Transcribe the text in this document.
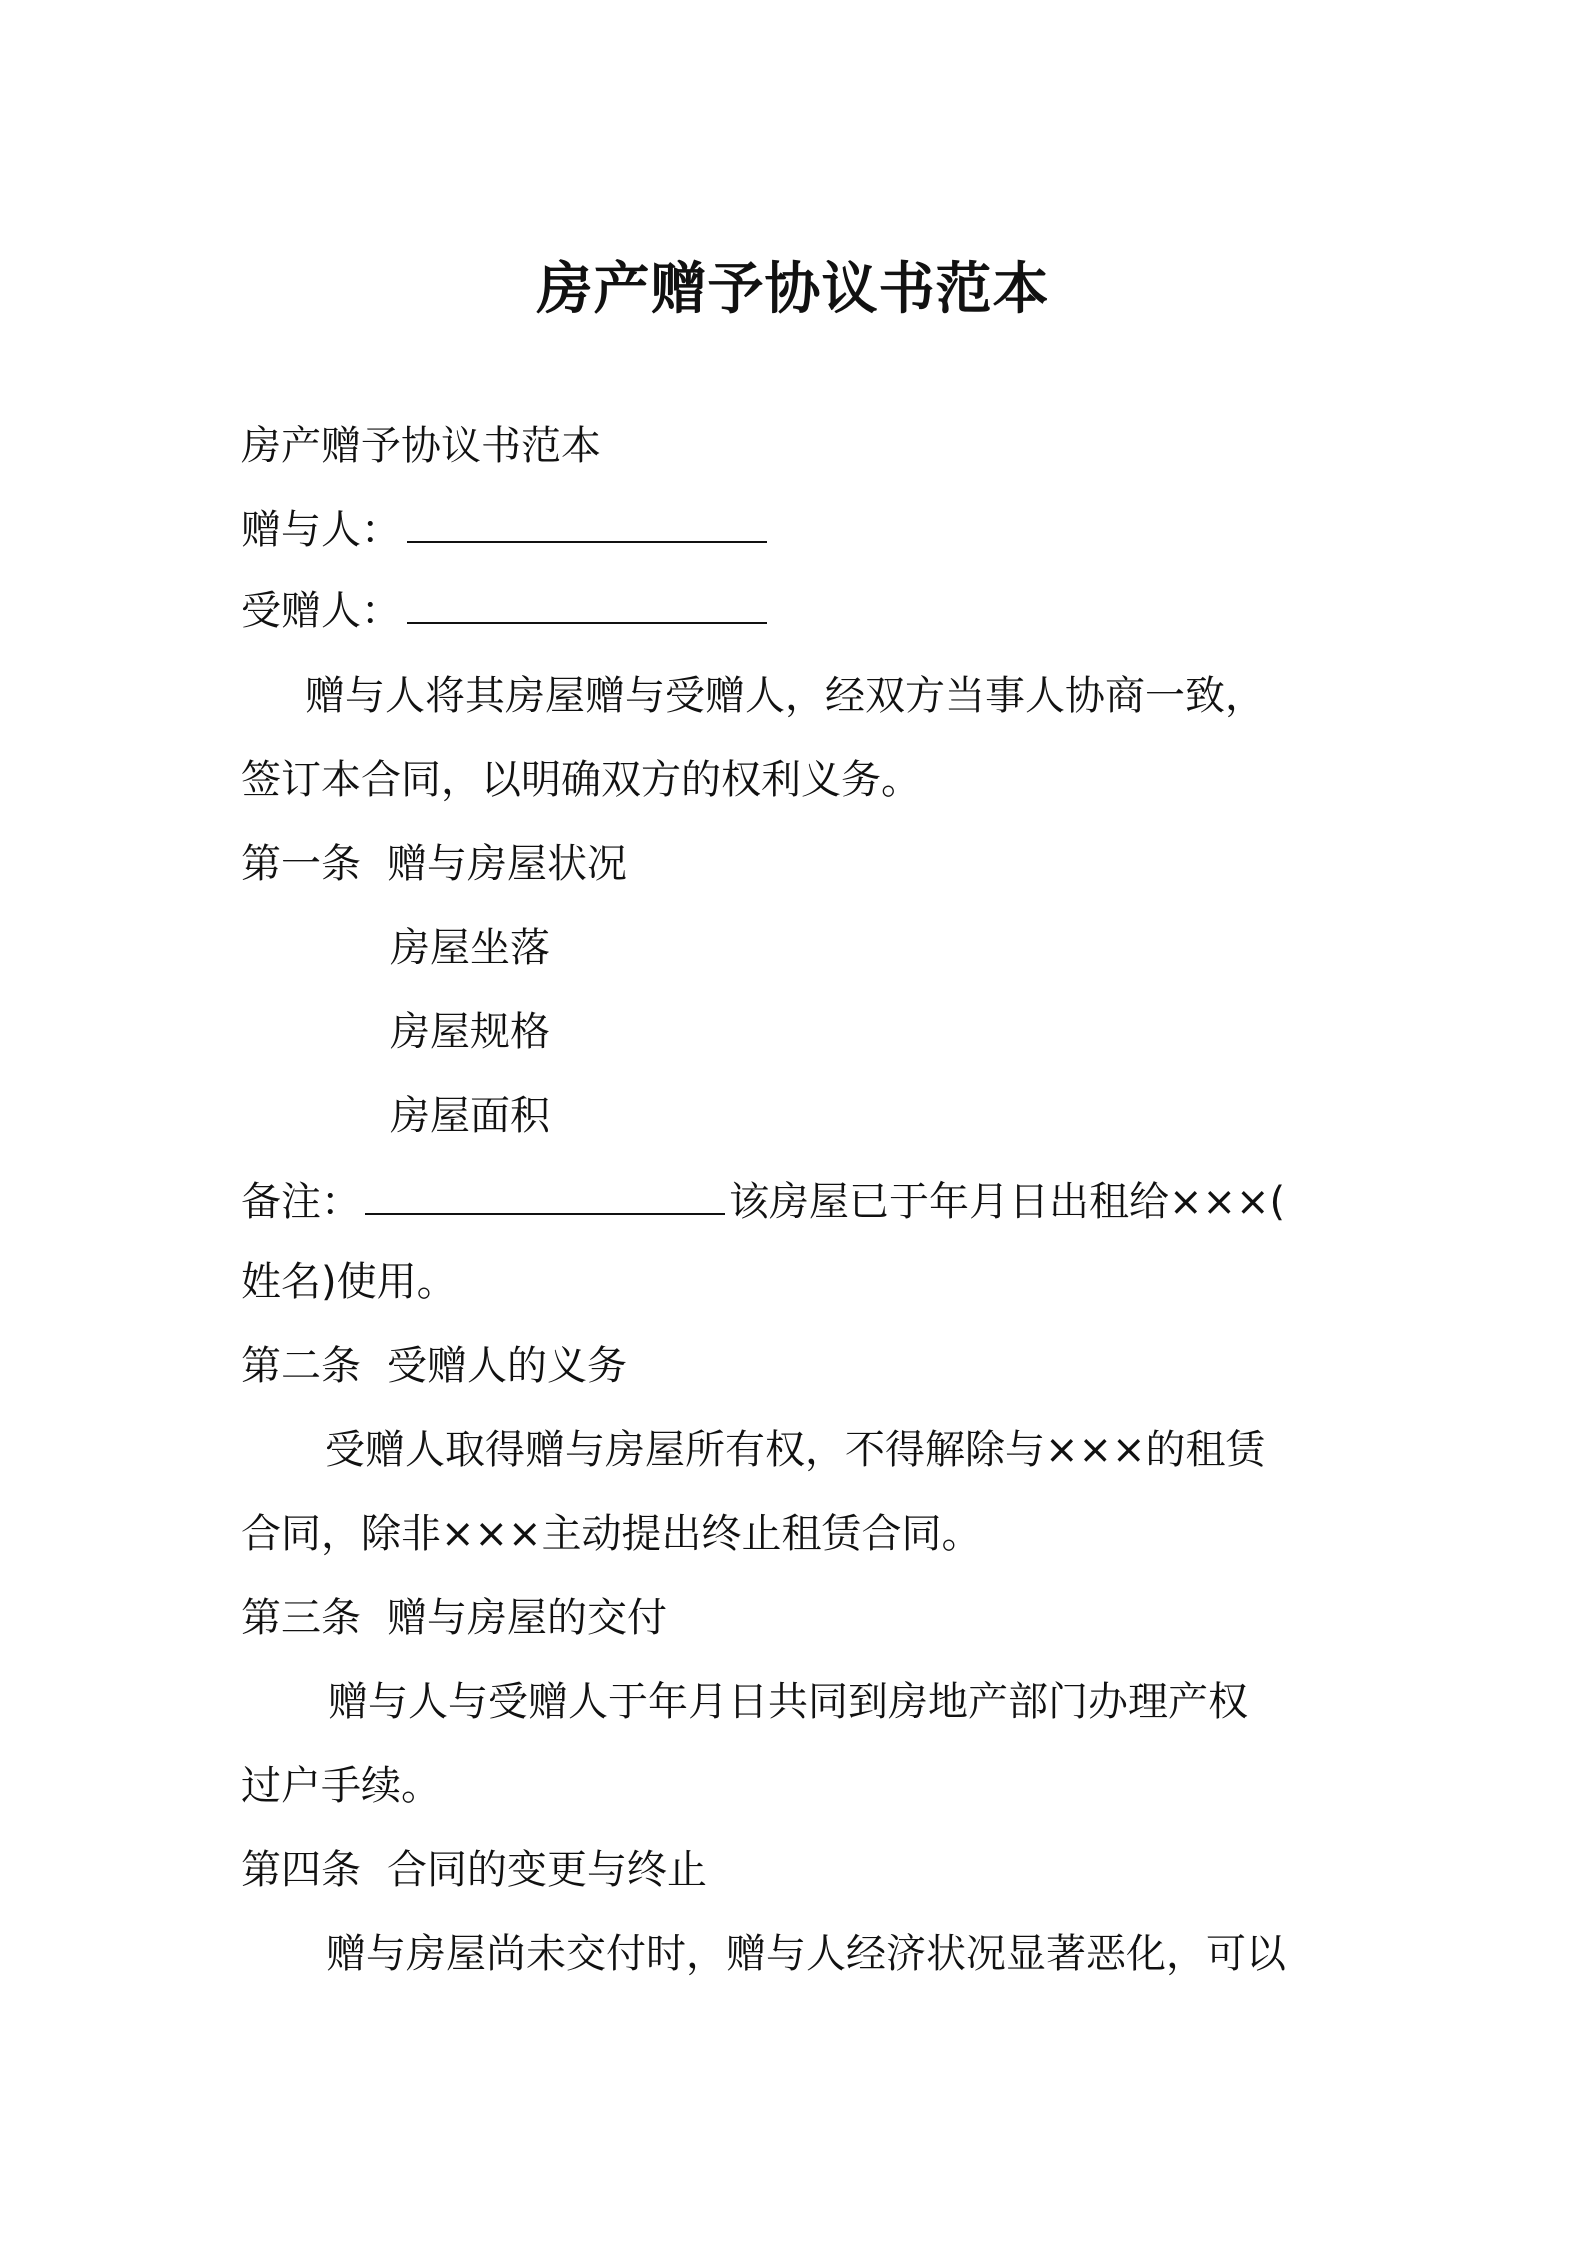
房产赠予协议书范本
房产赠予协议书范本
赠与人：
受赠人：
赠与人将其房屋赠与受赠人，经双方当事人协商一致，
签订本合同，以明确双方的权利义务。
第一条 赠与房屋状况
房屋坐落
房屋规格
房屋面积
备注：	该房屋已于年月日出租给×××(
姓名)使用。
第二条 受赠人的义务
受赠人取得赠与房屋所有权，不得解除与×××的租赁
合同，除非×××主动提出终止租赁合同。
第三条 赠与房屋的交付
赠与人与受赠人于年月日共同到房地产部门办理产权
过户手续。
第四条 合同的变更与终止
赠与房屋尚未交付时，赠与人经济状况显著恶化，可以
